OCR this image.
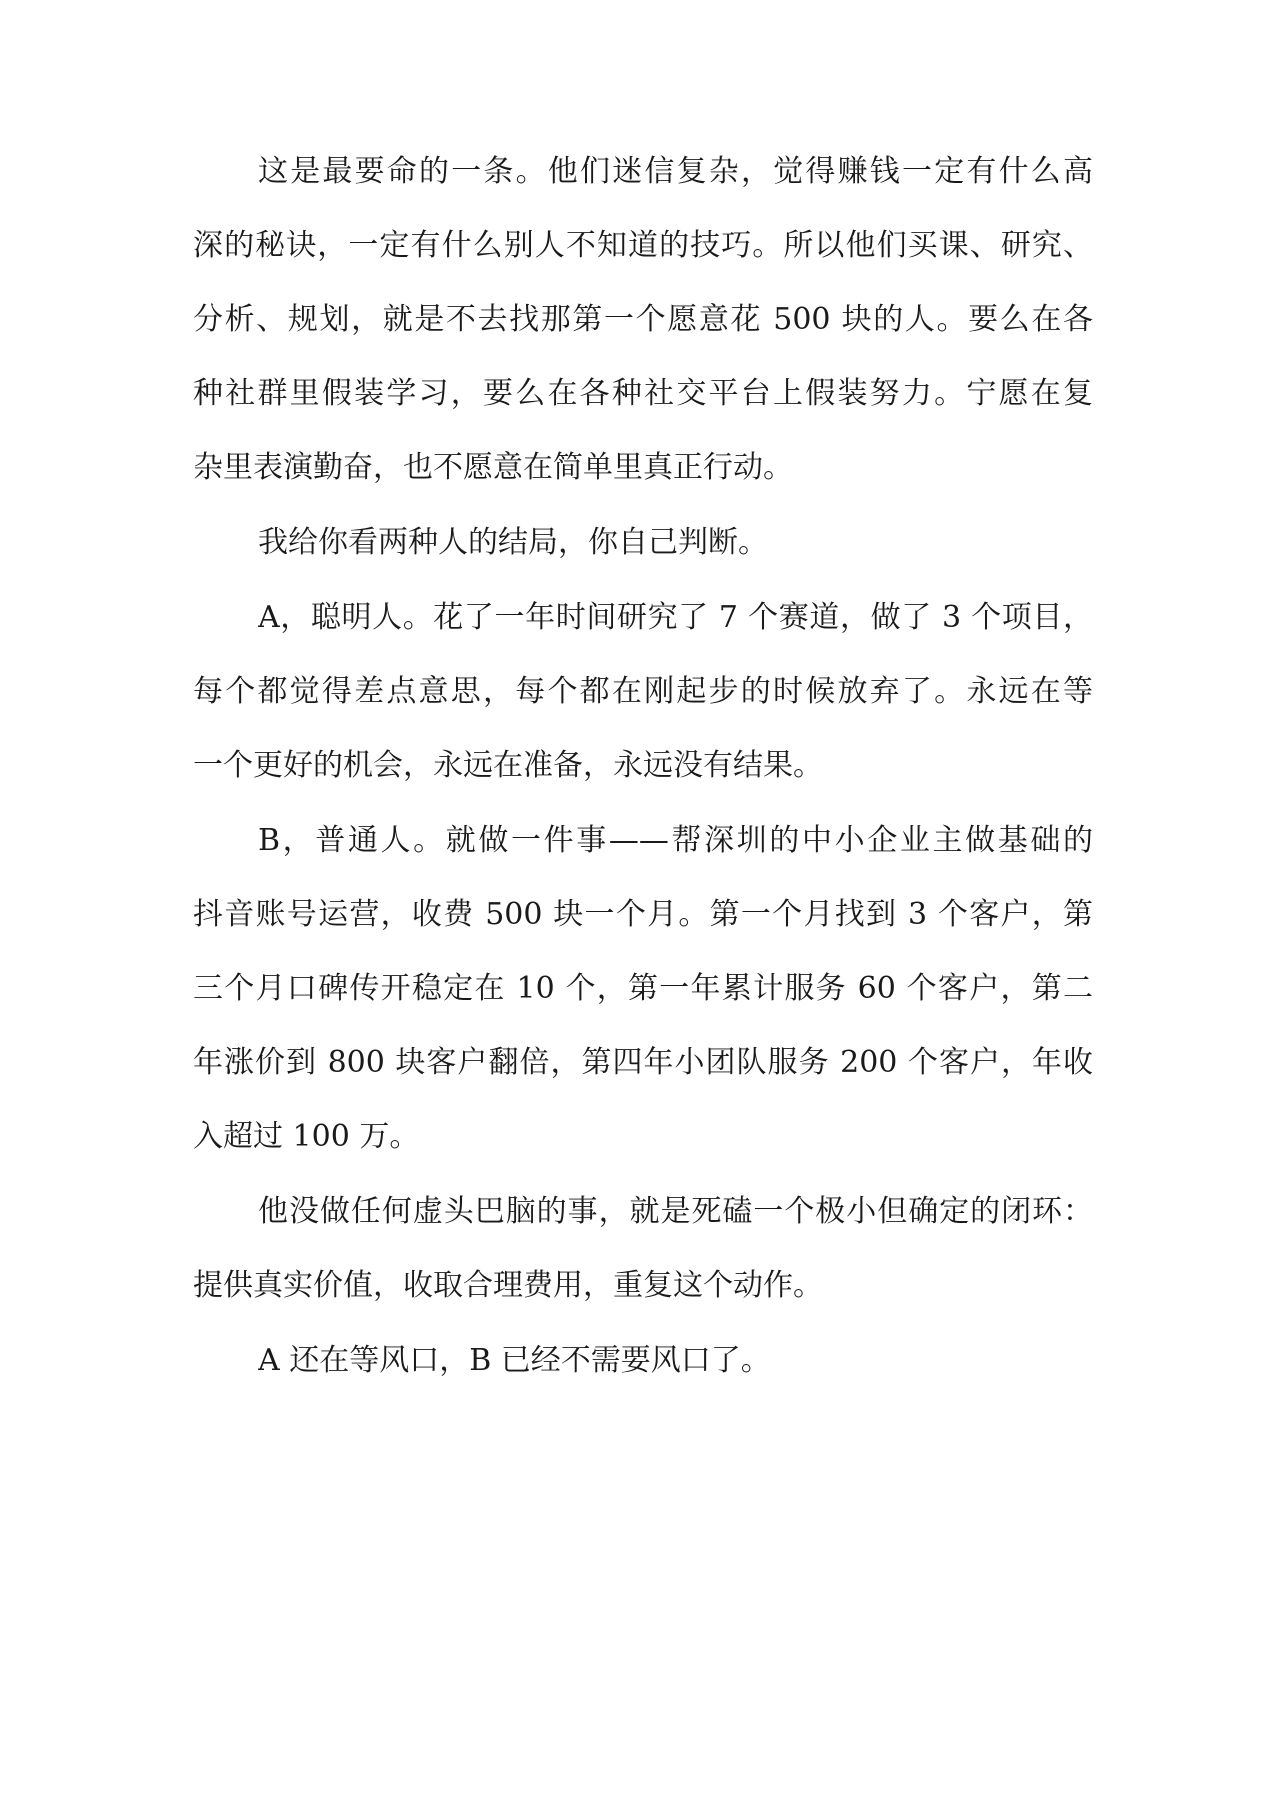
这是最要命的一条。他们迷信复杂，觉得赚钱一定有什么高
深的秘诀，一定有什么别人不知道的技巧。所以他们买课、研究、
分析、规划，就是不去找那第一个愿意花 500 块的人。要么在各
种社群里假装学习，要么在各种社交平台上假装努力。宁愿在复
杂里表演勤奋，也不愿意在简单里真正行动。
我给你看两种人的结局，你自己判断。
A，聪明人。花了一年时间研究了 7 个赛道，做了 3 个项目，
每个都觉得差点意思，每个都在刚起步的时候放弃了。永远在等
一个更好的机会，永远在准备，永远没有结果。
B，普通人。就做一件事——帮深圳的中小企业主做基础的
抖音账号运营，收费 500 块一个月。第一个月找到 3 个客户，第
三个月口碑传开稳定在 10 个，第一年累计服务 60 个客户，第二
年涨价到 800 块客户翻倍，第四年小团队服务 200 个客户，年收
入超过 100 万。
他没做任何虚头巴脑的事，就是死磕一个极小但确定的闭环：
提供真实价值，收取合理费用，重复这个动作。
A 还在等风口，B 已经不需要风口了。
